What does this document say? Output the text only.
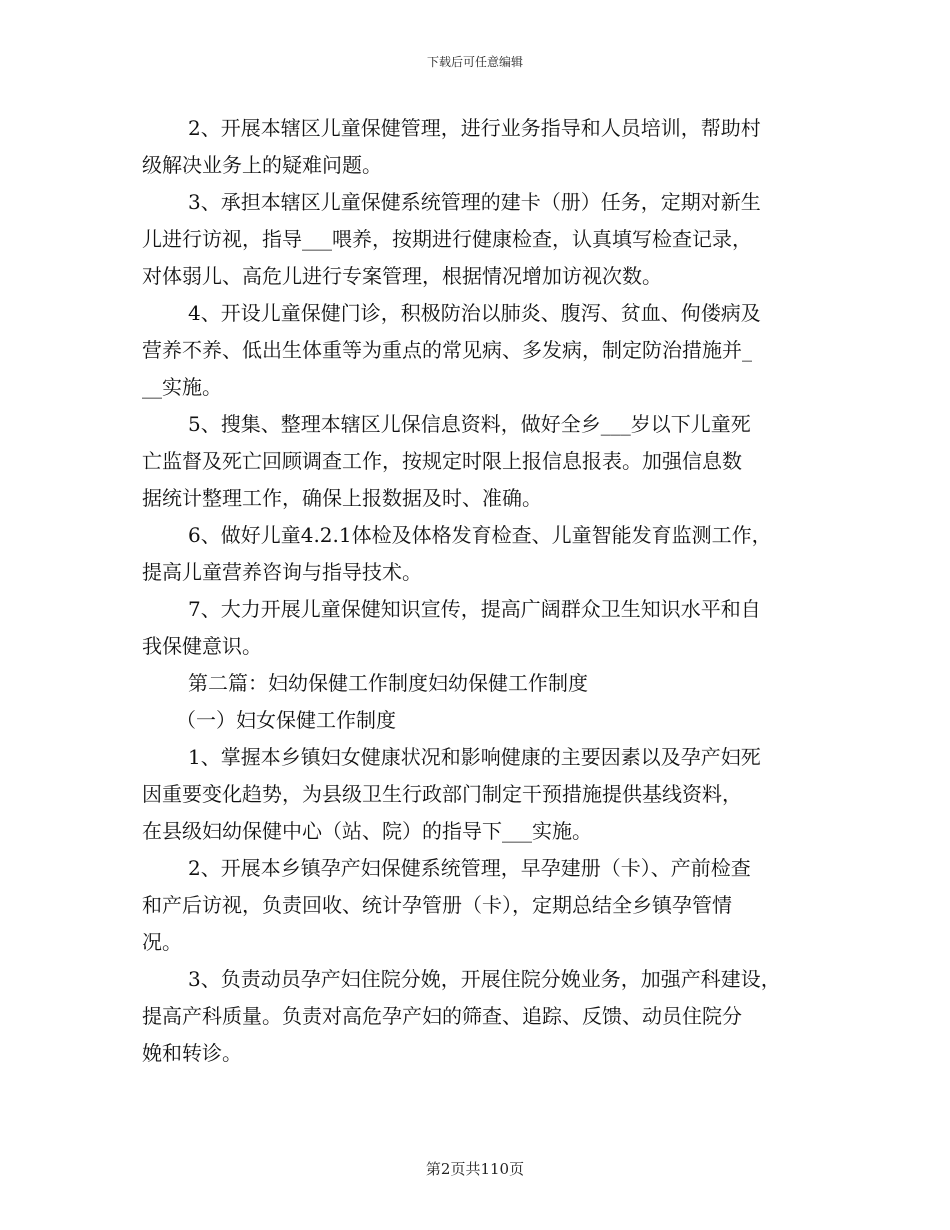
下载后可任意编辑
2、开展本辖区儿童保健管理，进行业务指导和人员培训，帮助村
级解决业务上的疑难问题。
3、承担本辖区儿童保健系统管理的建卡（册）任务，定期对新生
儿进行访视，指导___喂养，按期进行健康检查，认真填写检查记录，
对体弱儿、高危儿进行专案管理，根据情况增加访视次数。
4、开设儿童保健门诊，积极防治以肺炎、腹泻、贫血、佝偻病及
营养不养、低出生体重等为重点的常见病、多发病，制定防治措施并_
__实施。
5、搜集、整理本辖区儿保信息资料，做好全乡___岁以下儿童死
亡监督及死亡回顾调查工作，按规定时限上报信息报表。加强信息数
据统计整理工作，确保上报数据及时、准确。
6、做好儿童4.2.1体检及体格发育检查、儿童智能发育监测工作，
提高儿童营养咨询与指导技术。
7、大力开展儿童保健知识宣传，提高广阔群众卫生知识水平和自
我保健意识。
第二篇：妇幼保健工作制度妇幼保健工作制度
（一）妇女保健工作制度
1、掌握本乡镇妇女健康状况和影响健康的主要因素以及孕产妇死
因重要变化趋势，为县级卫生行政部门制定干预措施提供基线资料，
在县级妇幼保健中心（站、院）的指导下___实施。
2、开展本乡镇孕产妇保健系统管理，早孕建册（卡）、产前检查
和产后访视，负责回收、统计孕管册（卡），定期总结全乡镇孕管情
况。
3、负责动员孕产妇住院分娩，开展住院分娩业务，加强产科建设，
提高产科质量。负责对高危孕产妇的筛查、追踪、反馈、动员住院分
娩和转诊。
第2页共110页
